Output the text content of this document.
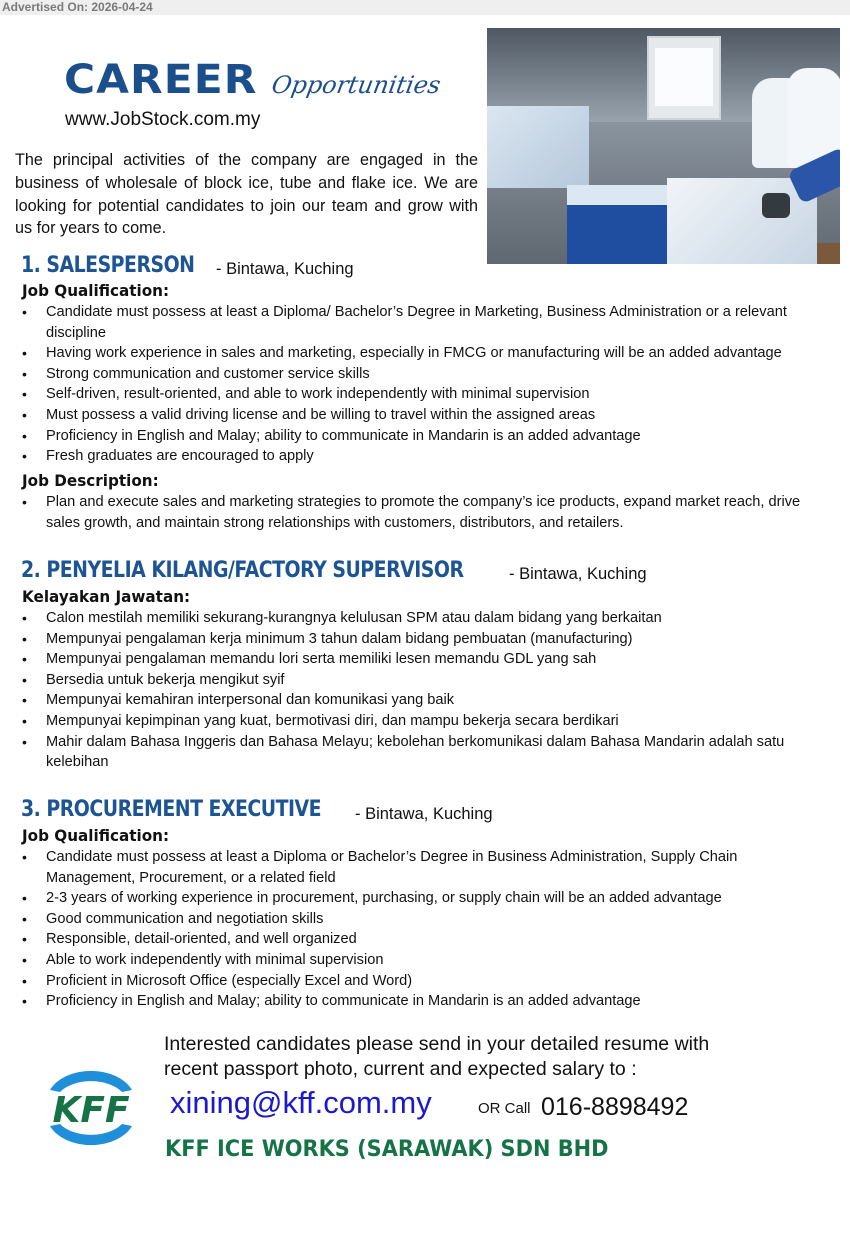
Advertised On: 2026-04-24
CAREER Opportunities
www.JobStock.com.my
The principal activities of the company are engaged in the business of wholesale of block ice, tube and flake ice. We are looking for potential candidates to join our team and grow with us for years to come.
1. SALESPERSON - Bintawa, Kuching
Job Qualification:
• Candidate must possess at least a Diploma/ Bachelor’s Degree in Marketing, Business Administration or a relevant discipline
• Having work experience in sales and marketing, especially in FMCG or manufacturing will be an added advantage
• Strong communication and customer service skills
• Self-driven, result-oriented, and able to work independently with minimal supervision
• Must possess a valid driving license and be willing to travel within the assigned areas
• Proficiency in English and Malay; ability to communicate in Mandarin is an added advantage
• Fresh graduates are encouraged to apply
Job Description:
• Plan and execute sales and marketing strategies to promote the company’s ice products, expand market reach, drive sales growth, and maintain strong relationships with customers, distributors, and retailers.
2. PENYELIA KILANG/FACTORY SUPERVISOR	- Bintawa, Kuching
Kelayakan Jawatan:
• Calon mestilah memiliki sekurang-kurangnya kelulusan SPM atau dalam bidang yang berkaitan
• Mempunyai pengalaman kerja minimum 3 tahun dalam bidang pembuatan (manufacturing)
• Mempunyai pengalaman memandu lori serta memiliki lesen memandu GDL yang sah
• Bersedia untuk bekerja mengikut syif
• Mempunyai kemahiran interpersonal dan komunikasi yang baik
• Mempunyai kepimpinan yang kuat, bermotivasi diri, dan mampu bekerja secara berdikari
• Mahir dalam Bahasa Inggeris dan Bahasa Melayu; kebolehan berkomunikasi dalam Bahasa Mandarin adalah satu kelebihan
3. PROCUREMENT EXECUTIVE - Bintawa, Kuching
Job Qualification:
• Candidate must possess at least a Diploma or Bachelor’s Degree in Business Administration, Supply Chain Management, Procurement, or a related field
• 2-3 years of working experience in procurement, purchasing, or supply chain will be an added advantage
• Good communication and negotiation skills
• Responsible, detail-oriented, and well organized
• Able to work independently with minimal supervision
• Proficient in Microsoft Office (especially Excel and Word)
• Proficiency in English and Malay; ability to communicate in Mandarin is an added advantage
Interested candidates please send in your detailed resume with
recent passport photo, current and expected salary to :
KFF xining@kff.com.my	OR Call 016-8898492
KFF ICE WORKS (SARAWAK) SDN BHD
